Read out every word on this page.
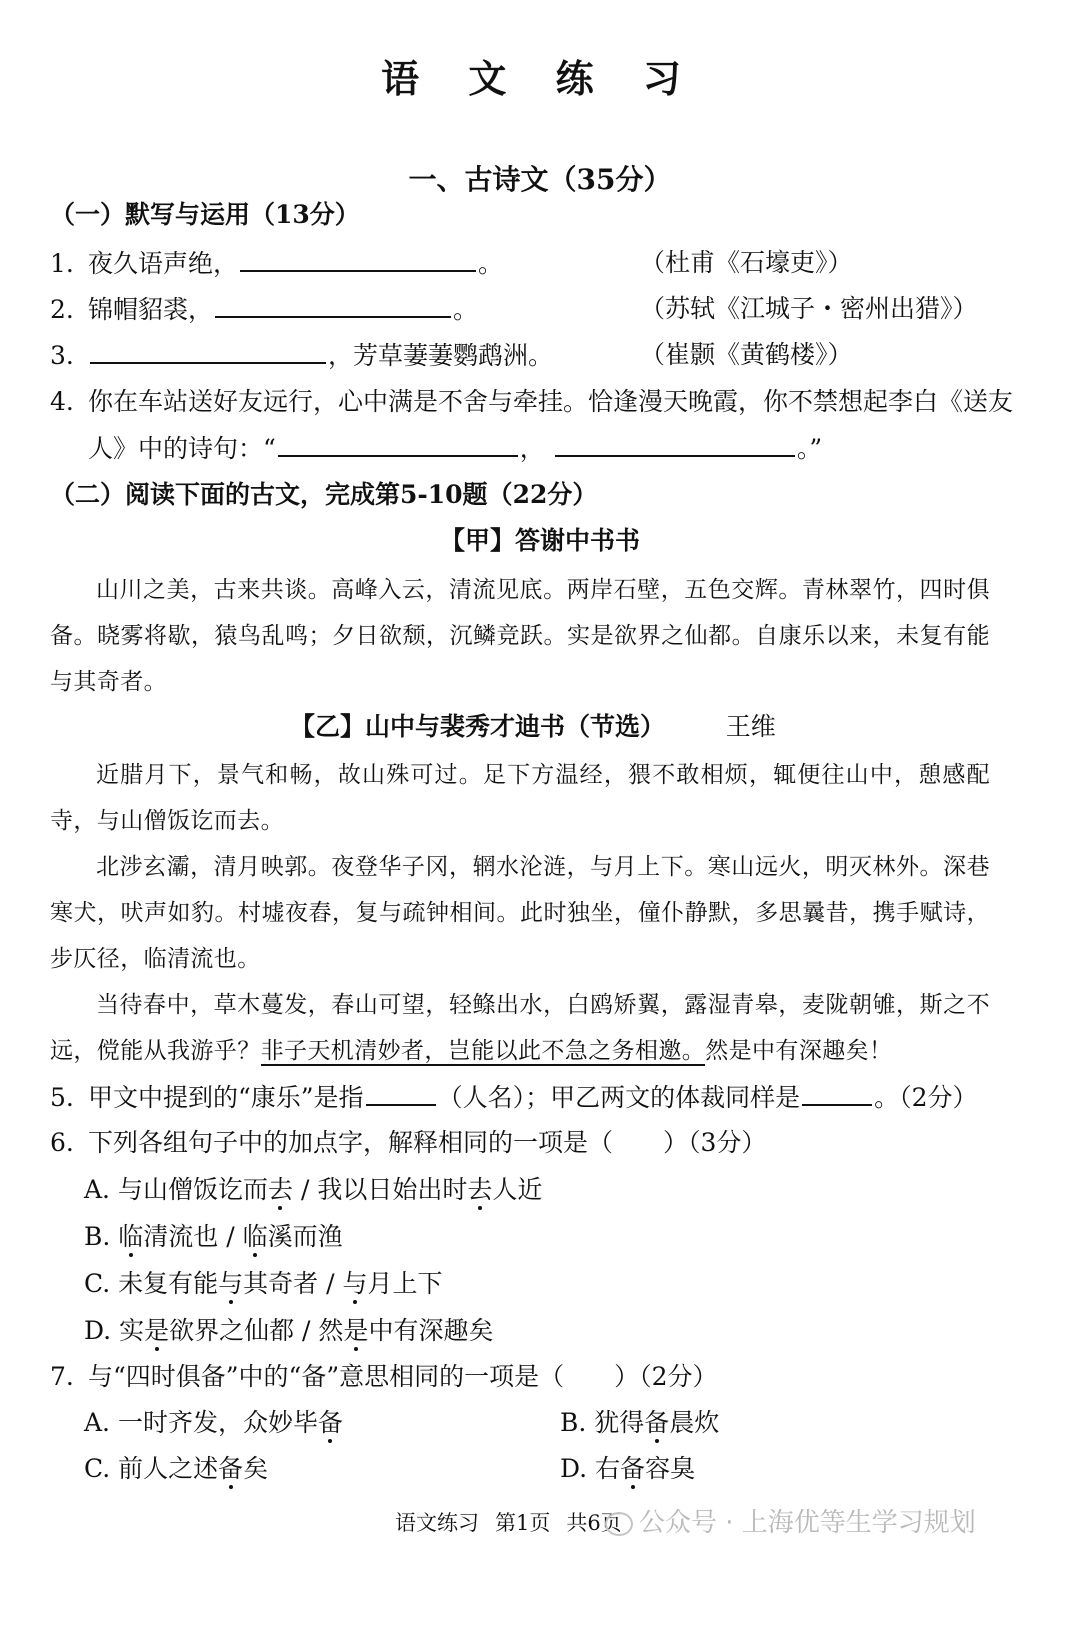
语 文 练 习
一、古诗文（35分）
（一）默写与运用（13分）
1. 夜久语声绝，	。	（杜甫《石壕吏》）
2. 锦帽貂裘，	。	（苏轼《江城子・密州出猎》）
3.	，芳草萋萋鹦鹉洲。	（崔颢《黄鹤楼》）
4. 你在车站送好友远行，心中满是不舍与牵挂。恰逢漫天晚霞，你不禁想起李白《送友
人》中的诗句：“	，	。”
（二）阅读下面的古文，完成第5-10题（22分）
【甲】答谢中书书

山川之美，古来共谈。高峰入云，清流见底。两岸石壁，五色交辉。青林翠竹，四时俱备。晓雾将歇，猿鸟乱鸣；夕日欲颓，沉鳞竞跃。实是欲界之仙都。自康乐以来，未复有能与其奇者。

【乙】山中与裴秀才迪书（节选） 王维

近腊月下，景气和畅，故山殊可过。足下方温经，猥不敢相烦，辄便往山中，憩感配寺，与山僧饭讫而去。

北涉玄灞，清月映郭。夜登华子冈，辋水沦涟，与月上下。寒山远火，明灭林外。深巷寒犬，吠声如豹。村墟夜舂，复与疏钟相间。此时独坐，僮仆静默，多思曩昔，携手赋诗，步仄径，临清流也。

当待春中，草木蔓发，春山可望，轻鲦出水，白鸥矫翼，露湿青皋，麦陇朝雊，斯之不远，傥能从我游乎？非子天机清妙者，岂能以此不急之务相邀。然是中有深趣矣！

5. 甲文中提到的“康乐”是指	（人名）；甲乙两文的体裁同样是	。（2分）
6. 下列各组句子中的加点字，解释相同的一项是（　　）（3分）
A. 与山僧饭讫而去 / 我以日始出时去人近
B. 临清流也 / 临溪而渔
C. 未复有能与其奇者 / 与月上下
D. 实是欲界之仙都 / 然是中有深趣矣
7. 与“四时俱备”中的“备”意思相同的一项是（　　）（2分）
A. 一时齐发，众妙毕备	B. 犹得备晨炊
C. 前人之述备矣	D. 右备容臭
语文练习 第1页 共6页 公众号 · 上海优等生学习规划
